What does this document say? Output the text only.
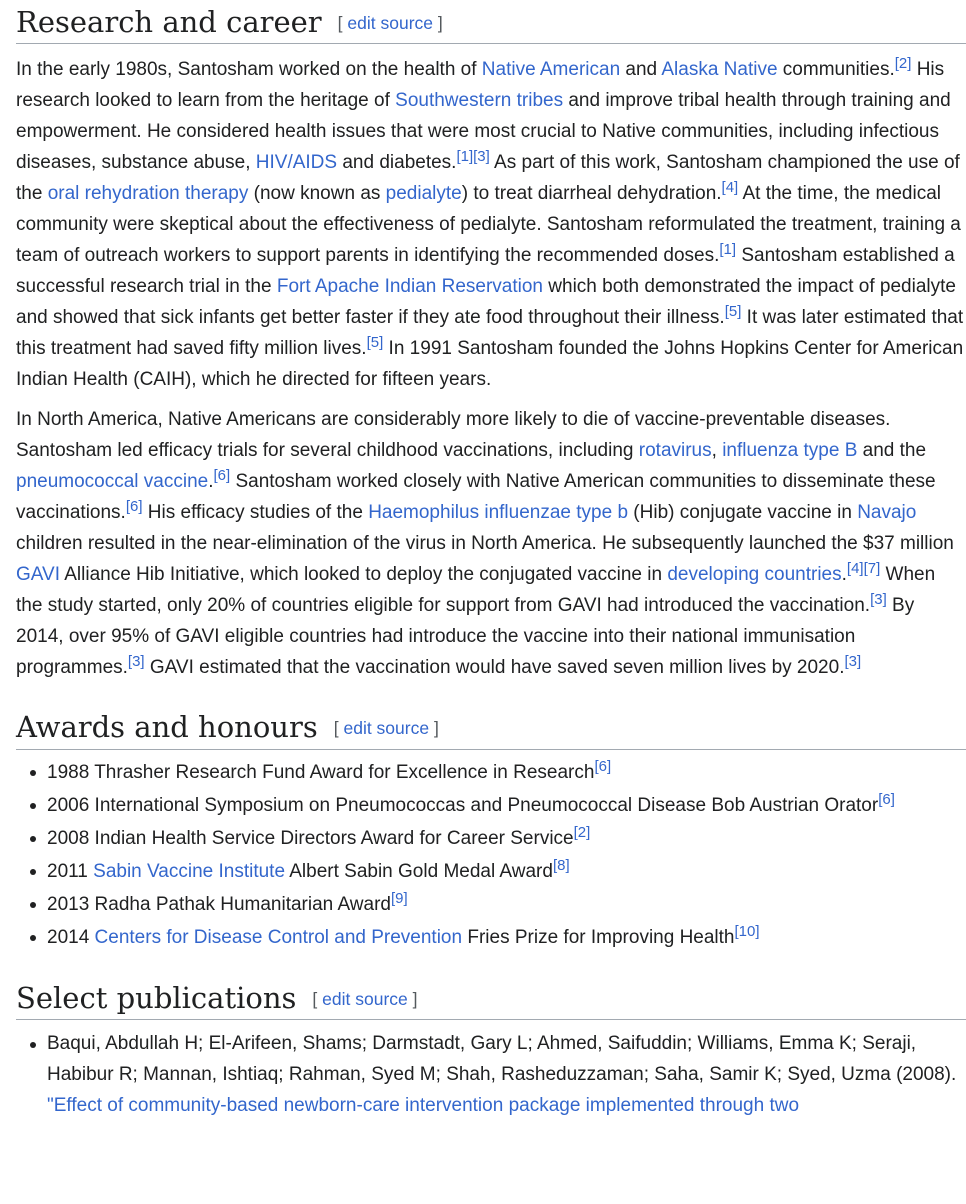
Research and career [ edit source ]

In the early 1980s, Santosham worked on the health of Native American and Alaska Native communities.[2] His research looked to learn from the heritage of Southwestern tribes and improve tribal health through training and empowerment. He considered health issues that were most crucial to Native communities, including infectious diseases, substance abuse, HIV/AIDS and diabetes.[1][3] As part of this work, Santosham championed the use of the oral rehydration therapy (now known as pedialyte) to treat diarrheal dehydration.[4] At the time, the medical community were skeptical about the effectiveness of pedialyte. Santosham reformulated the treatment, training a team of outreach workers to support parents in identifying the recommended doses.[1] Santosham established a successful research trial in the Fort Apache Indian Reservation which both demonstrated the impact of pedialyte and showed that sick infants get better faster if they ate food throughout their illness.[5] It was later estimated that this treatment had saved fifty million lives.[5] In 1991 Santosham founded the Johns Hopkins Center for American Indian Health (CAIH), which he directed for fifteen years.

In North America, Native Americans are considerably more likely to die of vaccine-preventable diseases. Santosham led efficacy trials for several childhood vaccinations, including rotavirus, influenza type B and the pneumococcal vaccine.[6] Santosham worked closely with Native American communities to disseminate these vaccinations.[6] His efficacy studies of the Haemophilus influenzae type b (Hib) conjugate vaccine in Navajo children resulted in the near-elimination of the virus in North America. He subsequently launched the $37 million GAVI Alliance Hib Initiative, which looked to deploy the conjugated vaccine in developing countries.[4][7] When the study started, only 20% of countries eligible for support from GAVI had introduced the vaccination.[3] By 2014, over 95% of GAVI eligible countries had introduce the vaccine into their national immunisation programmes.[3] GAVI estimated that the vaccination would have saved seven million lives by 2020.[3]

Awards and honours [ edit source ]
1988 Thrasher Research Fund Award for Excellence in Research[6]
2006 International Symposium on Pneumococcas and Pneumococcal Disease Bob Austrian Orator[6]
2008 Indian Health Service Directors Award for Career Service[2]
2011 Sabin Vaccine Institute Albert Sabin Gold Medal Award[8]
2013 Radha Pathak Humanitarian Award[9]
2014 Centers for Disease Control and Prevention Fries Prize for Improving Health[10]
Select publications [ edit source ]
Baqui, Abdullah H; El-Arifeen, Shams; Darmstadt, Gary L; Ahmed, Saifuddin; Williams, Emma K; Seraji, Habibur R; Mannan, Ishtiaq; Rahman, Syed M; Shah, Rasheduzzaman; Saha, Samir K; Syed, Uzma (2008). "Effect of community-based newborn-care intervention package implemented through two
